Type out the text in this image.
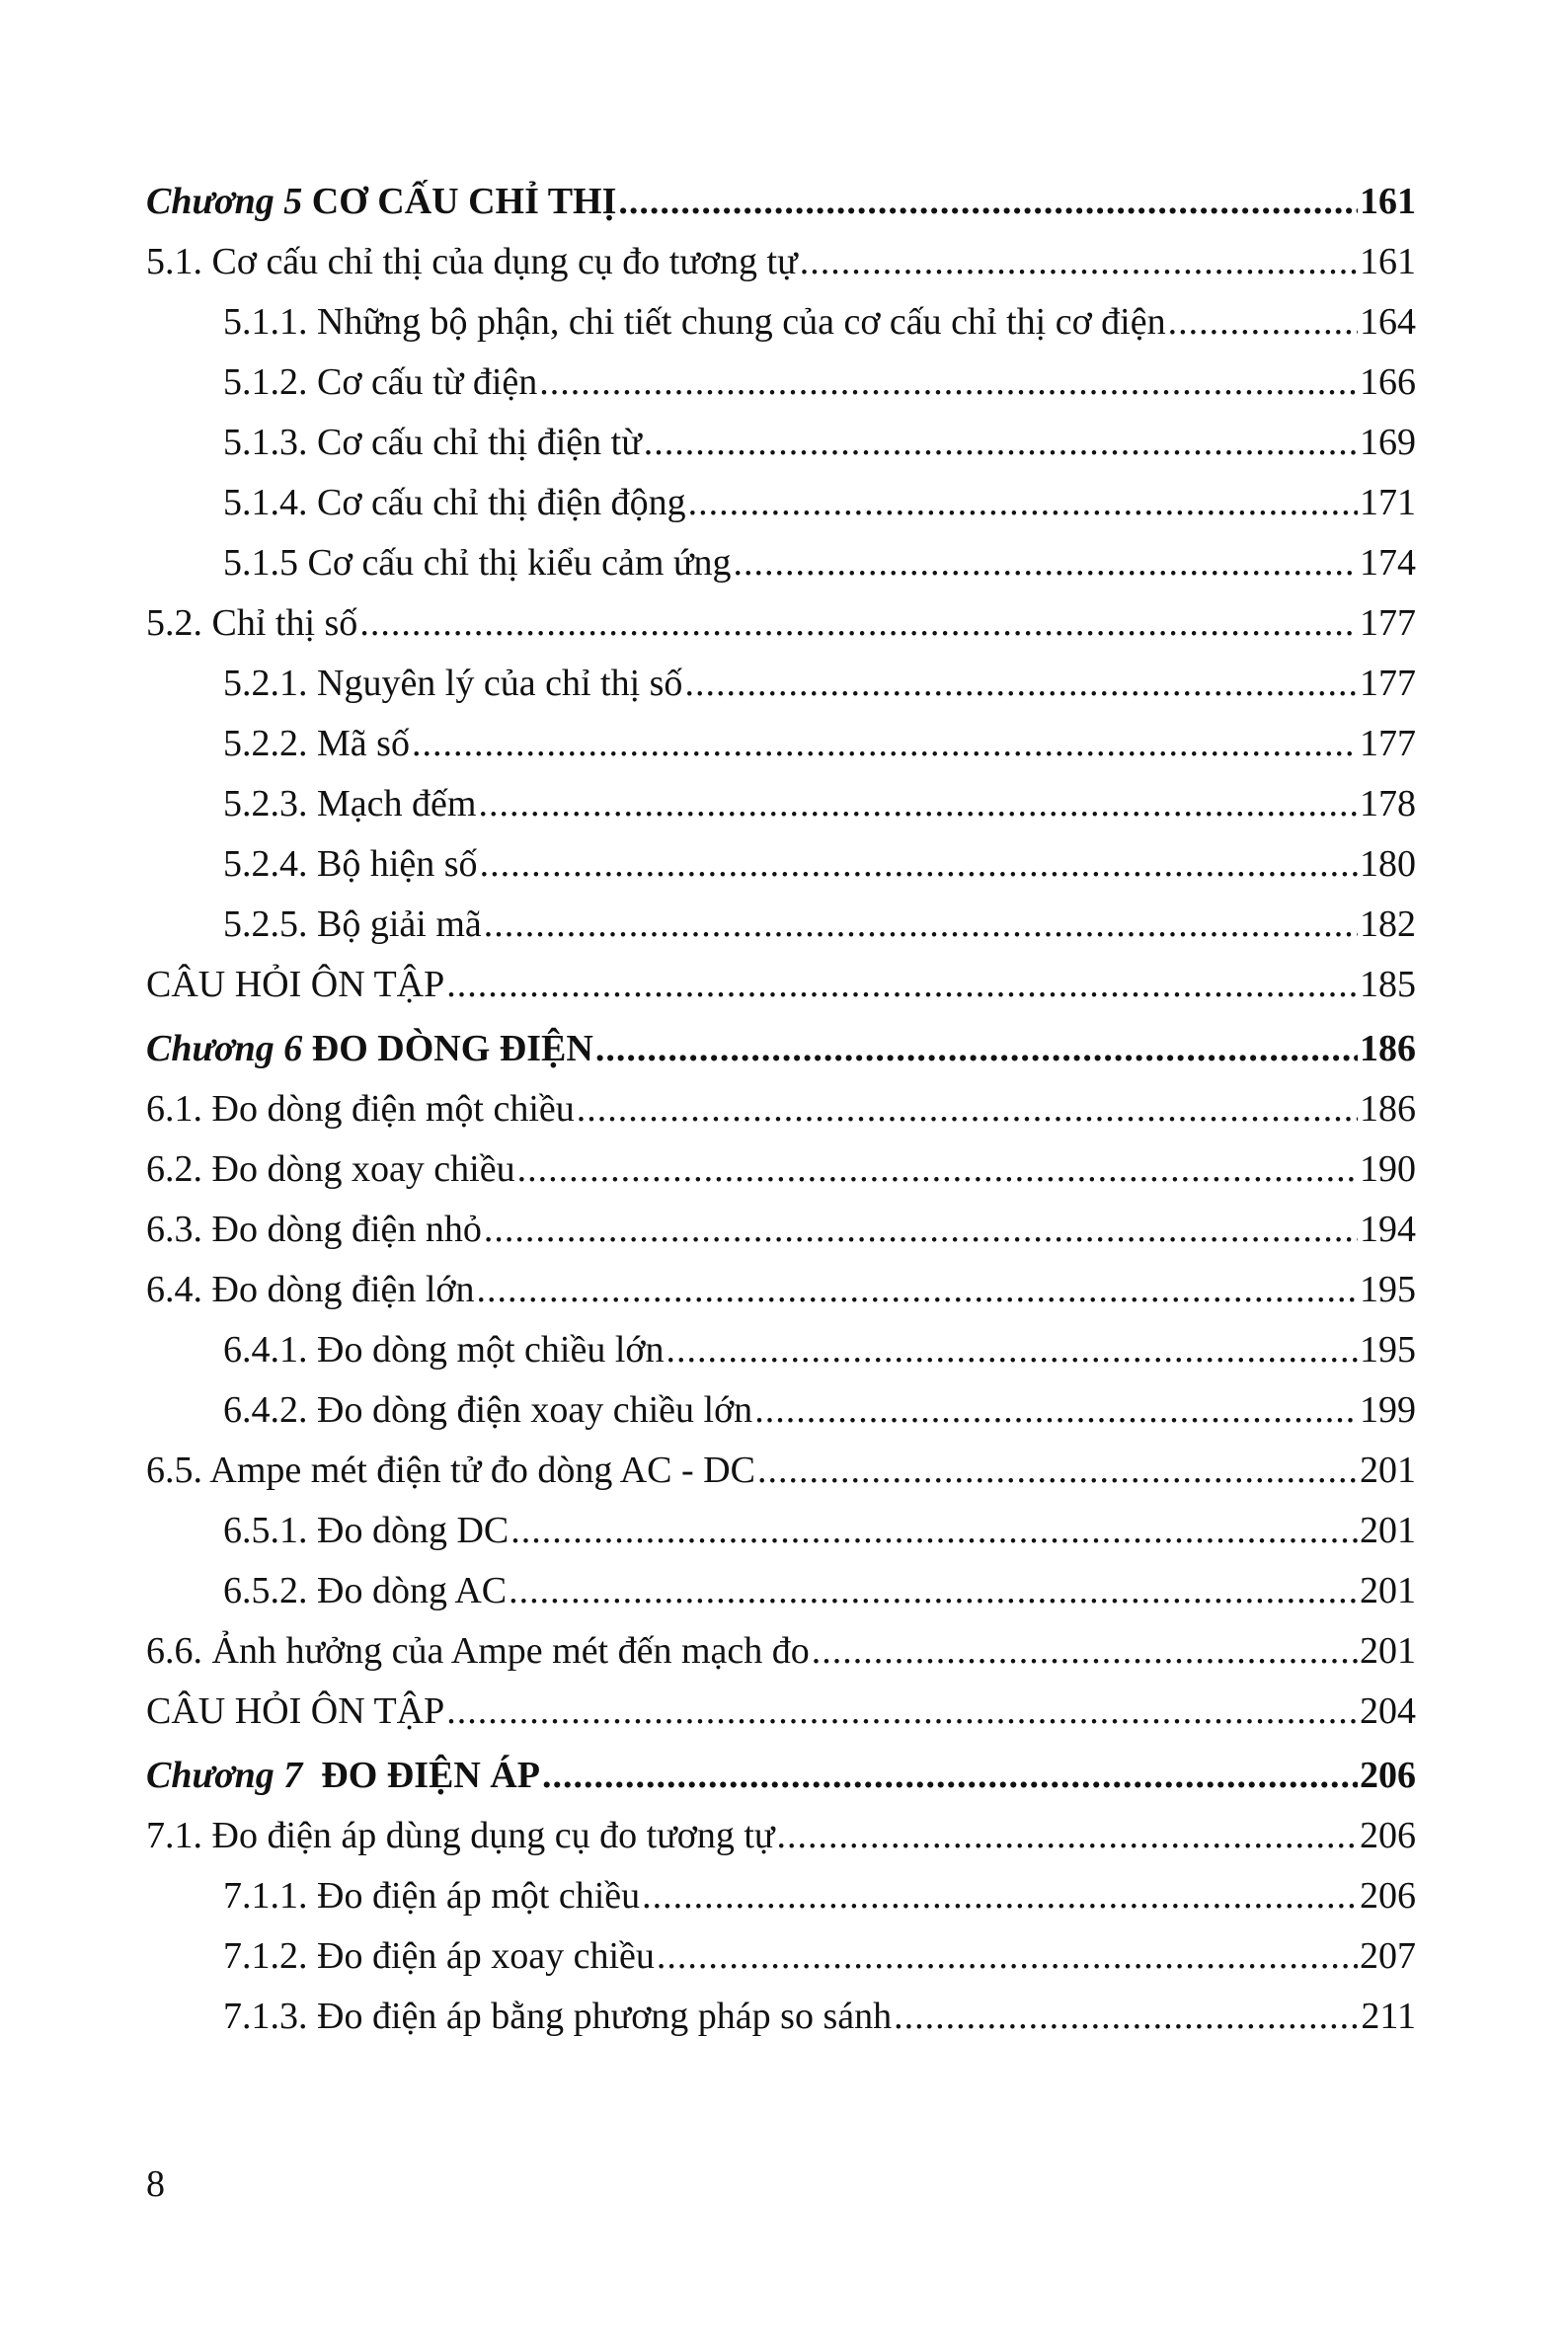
Chương 5 CƠ CẤU CHỈ THỊ .....	161
5.1. Cơ cấu chỉ thị của dụng cụ đo tương tự .....	161
5.1.1. Những bộ phận, chi tiết chung của cơ cấu chỉ thị cơ điện .....	164
5.1.2. Cơ cấu từ điện .....	166
5.1.3. Cơ cấu chỉ thị điện từ .....	169
5.1.4. Cơ cấu chỉ thị điện động .....	171
5.1.5 Cơ cấu chỉ thị kiểu cảm ứng .....	174
5.2. Chỉ thị số .....	177
5.2.1. Nguyên lý của chỉ thị số .....	177
5.2.2. Mã số .....	177
5.2.3. Mạch đếm .....	178
5.2.4. Bộ hiện số .....	180
5.2.5. Bộ giải mã .....	182
CÂU HỎI ÔN TẬP .....	185
Chương 6 ĐO DÒNG ĐIỆN .....	186
6.1. Đo dòng điện một chiều .....	186
6.2. Đo dòng xoay chiều .....	190
6.3. Đo dòng điện nhỏ .....	194
6.4. Đo dòng điện lớn .....	195
6.4.1. Đo dòng một chiều lớn .....	195
6.4.2. Đo dòng điện xoay chiều lớn .....	199
6.5. Ampe mét điện tử đo dòng AC - DC .....	201
6.5.1. Đo dòng DC .....	201
6.5.2. Đo dòng AC .....	201
6.6. Ảnh hưởng của Ampe mét đến mạch đo .....	201
CÂU HỎI ÔN TẬP .....	204
Chương 7 ĐO ĐIỆN ÁP .....	206
7.1. Đo điện áp dùng dụng cụ đo tương tự .....	206
7.1.1. Đo điện áp một chiều .....	206
7.1.2. Đo điện áp xoay chiều .....	207
7.1.3. Đo điện áp bằng phương pháp so sánh .....	211
8
